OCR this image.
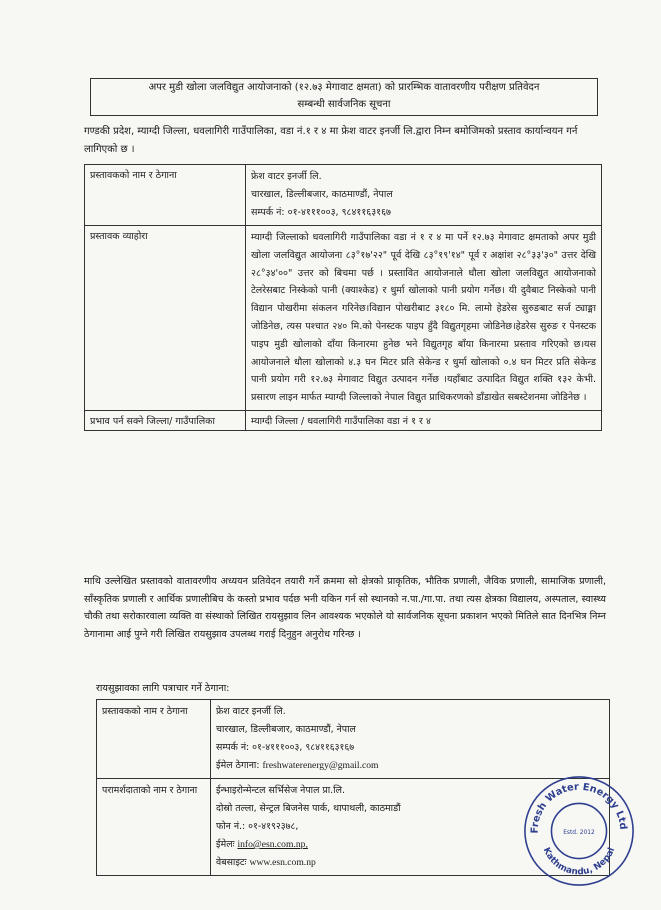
अपर मुडी खोला जलविद्युत आयोजनाको (१२.७३ मेगावाट क्षमता) को प्रारम्भिक वातावरणीय परीक्षण प्रतिवेदन
सम्बन्धी सार्वजनिक सूचना
गण्डकी प्रदेश, म्याग्दी जिल्ला, धवलागिरी गाउँपालिका, वडा नं.१ र ४ मा फ्रेश वाटर इनर्जी लि.द्वारा निम्न बमोजिमको प्रस्ताव कार्यान्वयन गर्न लागिएको छ ।
प्रस्तावकको नाम र ठेगाना	फ्रेश वाटर इनर्जी लि.
चारखाल, डिल्लीबजार, काठमाण्डौं, नेपाल
सम्पर्क नं: ०१-४१११००३, ९८४११६३१६७

प्रस्तावक व्याहोरा	म्याग्दी जिल्लाको धवलागिरी गाउँपालिका वडा नं १ र ४ मा पर्ने १२.७३ मेगावाट क्षमताको अपर मुडी खोला जलविद्युत आयोजना ८३°१७'२२" पूर्व देखि ८३°१९'१४" पूर्व र अक्षांश २८°३३'३०" उत्तर देखि २८°३४'००" उत्तर को बिचमा पर्छ । प्रस्तावित आयोजनाले धौला खोला जलविद्युत आयोजनाको टेलरेसबाट निस्केको पानी (क्याश्केड) र धुर्मा खोलाको पानी प्रयोग गर्नेछ। यी दुवैबाट निस्केको पानी विद्यान पोखरीमा संकलन गरिनेछ।विद्यान पोखरीबाट ३१८० मि. लामो हेडरेस सुरुङबाट सर्ज ट्याङ्मा जोडिनेछ, त्यस पश्चात २४० मि.को पेनस्टक पाइप हुँदै विद्युतगृहमा जोडिनेछ।हेडरेस सुरुङ र पेनस्टक पाइप मुडी खोलाको दाँया किनारमा हुनेछ भने विद्युतगृह बाँया किनारमा प्रस्ताव गरिएको छ।यस आयोजनाले धौला खोलाको ४.३ घन मिटर प्रति सेकेन्ड र धुर्मा खोलाको ०.४ घन मिटर प्रति सेकेन्ड पानी प्रयोग गरी १२.७३ मेगावाट विद्युत उत्पादन गर्नेछ ।यहाँबाट उत्पादित विद्युत शक्ति १३२ केभी. प्रसारण लाइन मार्फत म्याग्दी जिल्लाको नेपाल विद्युत प्राधिकरणको डाँडाखेत सबस्टेशनमा जोडिनेछ ।
प्रभाव पर्न सक्ने जिल्ला/ गाउँपालिका	म्याग्दी जिल्ला / धवलागिरी गाउँपालिका वडा नं १ र ४
माथि उल्लेखित प्रस्तावको वातावरणीय अध्ययन प्रतिवेदन तयारी गर्ने क्रममा सो क्षेत्रको प्राकृतिक, भौतिक प्रणाली, जैविक प्रणाली, सामाजिक प्रणाली, साँस्कृतिक प्रणाली र आर्थिक प्रणालीबिच के कस्तो प्रभाव पर्दछ भनी यकिन गर्न सो स्थानको न.पा./गा.पा. तथा त्यस क्षेत्रका विद्यालय, अस्पताल, स्वास्थ्य चौकी तथा सरोकारवाला व्यक्ति वा संस्थाको लिखित रायसुझाव लिन आवश्यक भएकोले यो सार्वजनिक सूचना प्रकाशन भएको मितिले सात दिनभित्र निम्न ठेगानामा आई पुग्ने गरी लिखित रायसुझाव उपलब्ध गराई दिनुहुन अनुरोध गरिन्छ ।
रायसुझावका लागि पत्राचार गर्ने ठेगाना:
प्रस्तावकको नाम र ठेगाना	फ्रेश वाटर इनर्जी लि.
चारखाल, डिल्लीबजार, काठमाण्डौं, नेपाल
सम्पर्क नं: ०१-४१११००३, ९८४११६३१६७
ईमेल ठेगाना: freshwaterenergy@gmail.com

परामर्शदाताको नाम र ठेगाना	ईन्भाइरोन्मेन्टल सर्भिसेज नेपाल प्रा.लि.
दोस्रो तल्ला, सेन्ट्रल बिजनेस पार्क, थापाथली, काठमाडौं
फोन नं.: ०१-४१९२३७८,
ईमेलः info@esn.com.np,
वेबसाइटः www.esn.com.np
Fresh Water Energy Ltd
Estd. 2012
Kathmandu, Nepal
